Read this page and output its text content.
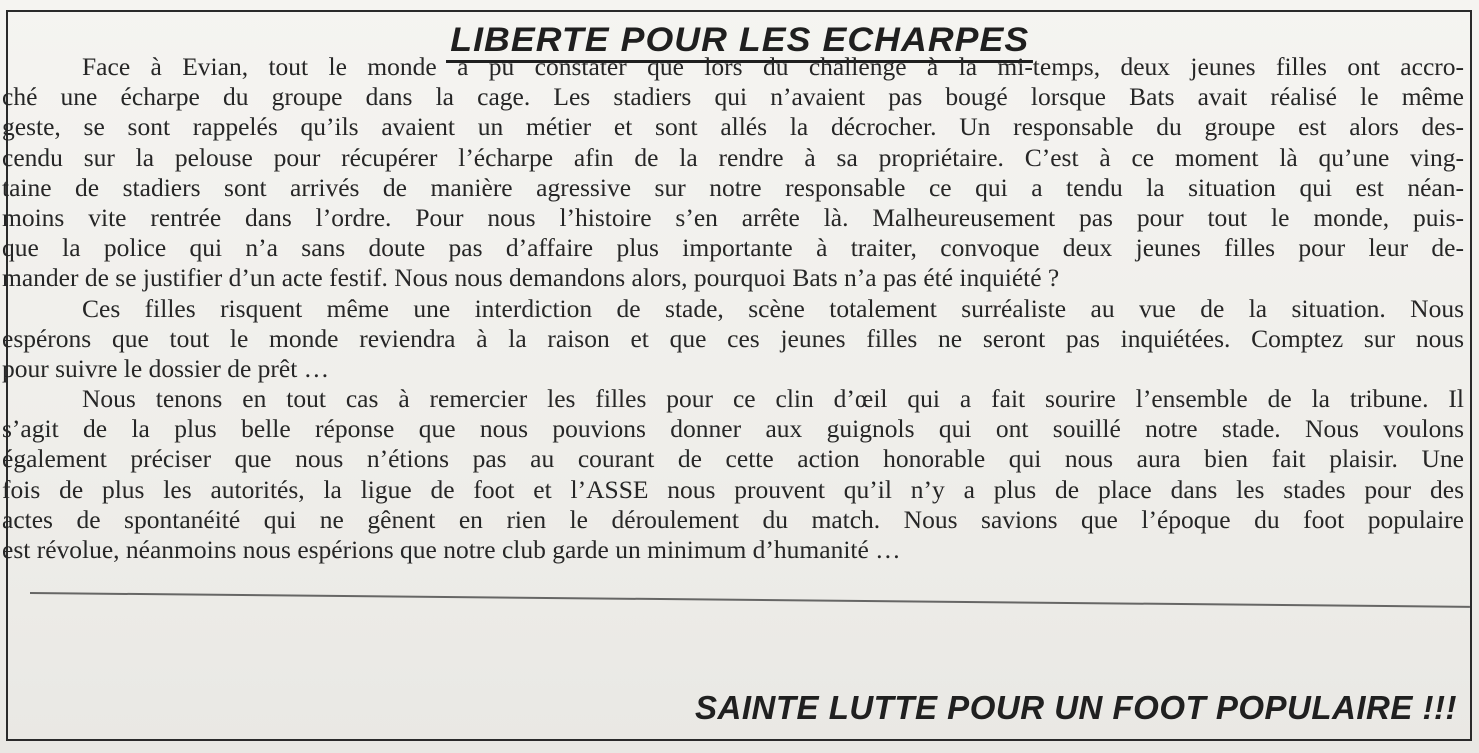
LIBERTE POUR LES ECHARPES
Face à Evian, tout le monde a pu constater que lors du challenge à la mi-temps, deux jeunes filles ont accro-
ché une écharpe du groupe dans la cage. Les stadiers qui n’avaient pas bougé lorsque Bats avait réalisé le même
geste, se sont rappelés qu’ils avaient un métier et sont allés la décrocher. Un responsable du groupe est alors des-
cendu sur la pelouse pour récupérer l’écharpe afin de la rendre à sa propriétaire. C’est à ce moment là qu’une ving-
taine de stadiers sont arrivés de manière agressive sur notre responsable ce qui a tendu la situation qui est néan-
moins vite rentrée dans l’ordre. Pour nous l’histoire s’en arrête là. Malheureusement pas pour tout le monde, puis-
que la police qui n’a sans doute pas d’affaire plus importante à traiter, convoque deux jeunes filles pour leur de-
mander de se justifier d’un acte festif. Nous nous demandons alors, pourquoi Bats n’a pas été inquiété ?
Ces filles risquent même une interdiction de stade, scène totalement surréaliste au vue de la situation. Nous
espérons que tout le monde reviendra à la raison et que ces jeunes filles ne seront pas inquiétées. Comptez sur nous
pour suivre le dossier de prêt …
Nous tenons en tout cas à remercier les filles pour ce clin d’œil qui a fait sourire l’ensemble de la tribune. Il
s’agit de la plus belle réponse que nous pouvions donner aux guignols qui ont souillé notre stade. Nous voulons
également préciser que nous n’étions pas au courant de cette action honorable qui nous aura bien fait plaisir. Une
fois de plus les autorités, la ligue de foot et l’ASSE nous prouvent qu’il n’y a plus de place dans les stades pour des
actes de spontanéité qui ne gênent en rien le déroulement du match. Nous savions que l’époque du foot populaire
est révolue, néanmoins nous espérions que notre club garde un minimum d’humanité …
SAINTE LUTTE POUR UN FOOT POPULAIRE !!!
